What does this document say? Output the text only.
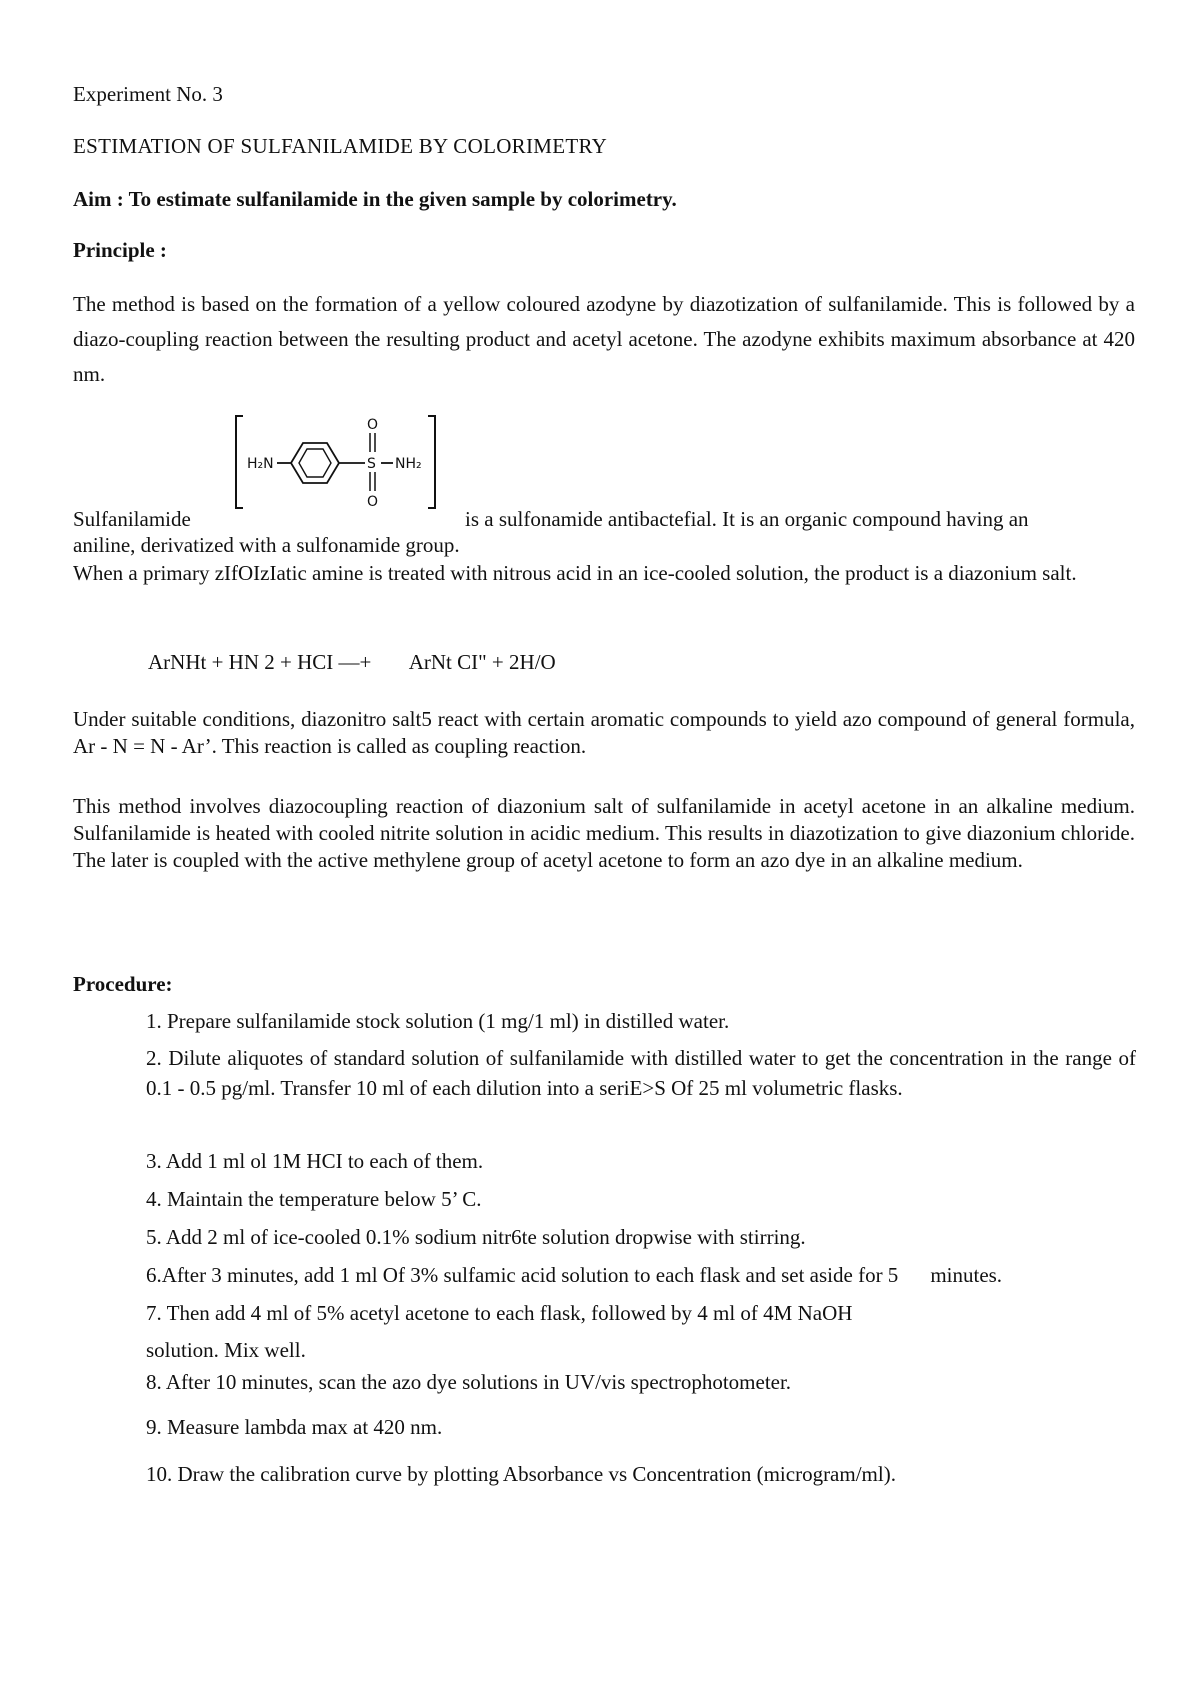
Experiment No. 3
ESTIMATION OF SULFANILAMIDE BY COLORIMETRY
Aim : To estimate sulfanilamide in the given sample by colorimetry.
Principle :

The method is based on the formation of a yellow coloured azodyne by diazotization of sulfanilamide. This is followed by a diazo-coupling reaction between the resulting product and acetyl acetone. The azodyne exhibits maximum absorbance at 420 nm.

H₂N	S
O
O
NH₂
Sulfanilamide	is a sulfonamide antibactefial. It is an organic compound having an

aniline, derivatized with a sulfonamide group.

When a primary zIfOIzIatic amine is treated with nitrous acid in an ice-cooled solution, the product is a diazonium salt.

ArNHt + HN 2 + HCI —+ ArNt CI" + 2H/O

Under suitable conditions, diazonitro salt5 react with certain aromatic compounds to yield azo compound of general formula, Ar - N = N - Ar’. This reaction is called as coupling reaction.

This method involves diazocoupling reaction of diazonium salt of sulfanilamide in acetyl acetone in an alkaline medium. Sulfanilamide is heated with cooled nitrite solution in acidic medium. This results in diazotization to give diazonium chloride. The later is coupled with the active methylene group of acetyl acetone to form an azo dye in an alkaline medium.

Procedure:

1. Prepare sulfanilamide stock solution (1 mg/1 ml) in distilled water.

2. Dilute aliquotes of standard solution of sulfanilamide with distilled water to get the concentration in the range of 0.1 - 0.5 pg/ml. Transfer 10 ml of each dilution into a seriE>S Of 25 ml volumetric flasks.

3. Add 1 ml ol 1M HCI to each of them.

4. Maintain the temperature below 5’ C.

5. Add 2 ml of ice-cooled 0.1% sodium nitr6te solution dropwise with stirring.

6.After 3 minutes, add 1 ml Of 3% sulfamic acid solution to each flask and set aside for 5 minutes.

7. Then add 4 ml of 5% acetyl acetone to each flask, followed by 4 ml of 4M NaOH

solution. Mix well.

8. After 10 minutes, scan the azo dye solutions in UV/vis spectrophotometer.

9. Measure lambda max at 420 nm.

10. Draw the calibration curve by plotting Absorbance vs Concentration (microgram/ml).
